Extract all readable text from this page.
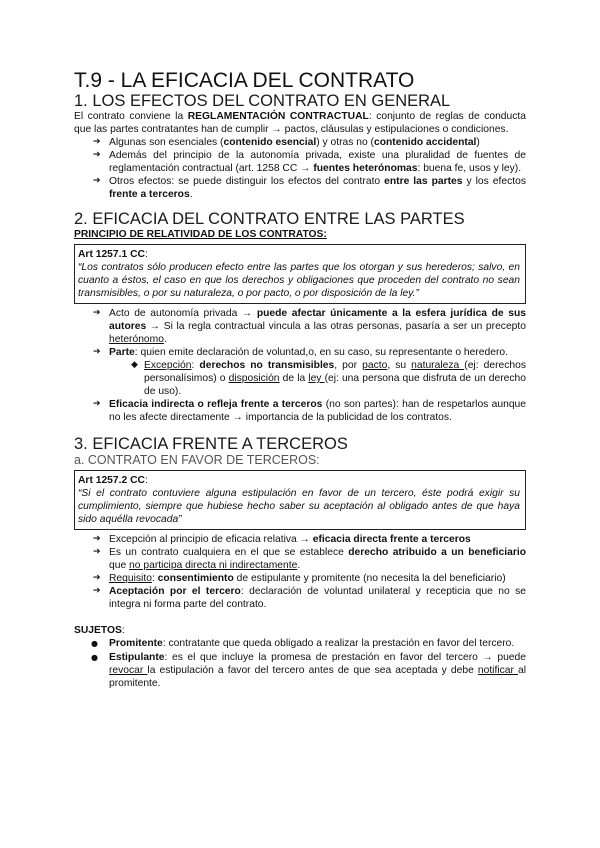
T.9 - LA EFICACIA DEL CONTRATO
1. LOS EFECTOS DEL CONTRATO EN GENERAL

El contrato conviene la REGLAMENTACIÓN CONTRACTUAL: conjunto de reglas de conducta que las partes contratantes han de cumplir → pactos, cláusulas y estipulaciones o condiciones.

➔ Algunas son esenciales (contenido esencial) y otras no (contenido accidental)
➔ Además del principio de la autonomía privada, existe una pluralidad de fuentes de reglamentación contractual (art. 1258 CC → fuentes heterónomas: buena fe, usos y ley).
➔ Otros efectos: se puede distinguir los efectos del contrato entre las partes y los efectos frente a terceros.
2. EFICACIA DEL CONTRATO ENTRE LAS PARTES

PRINCIPIO DE RELATIVIDAD DE LOS CONTRATOS:

Art 1257.1 CC:
“Los contratos sólo producen efecto entre las partes que los otorgan y sus herederos; salvo, en cuanto a éstos, el caso en que los derechos y obligaciones que proceden del contrato no sean transmisibles, o por su naturaleza, o por pacto, o por disposición de la ley.”
➔ Acto de autonomía privada → puede afectar únicamente a la esfera jurídica de sus autores → Si la regla contractual vincula a las otras personas, pasaría a ser un precepto heterónomo.
➔ Parte: quien emite declaración de voluntad,o, en su caso, su representante o heredero.
◆ Excepción: derechos no transmisibles, por pacto, su naturaleza (ej: derechos personalísimos) o disposición de la ley (ej: una persona que disfruta de un derecho de uso).
➔ Eficacia indirecta o refleja frente a terceros (no son partes): han de respetarlos aunque no les afecte directamente → importancia de la publicidad de los contratos.
3. EFICACIA FRENTE A TERCEROS
a. CONTRATO EN FAVOR DE TERCEROS:
Art 1257.2 CC:
“Si el contrato contuviere alguna estipulación en favor de un tercero, éste podrá exigir su cumplimiento, siempre que hubiese hecho saber su aceptación al obligado antes de que haya sido aquélla revocada”
➔ Excepción al principio de eficacia relativa → eficacia directa frente a terceros
➔ Es un contrato cualquiera en el que se establece derecho atribuido a un beneficiario que no participa directa ni indirectamente.
➔ Requisito: consentimiento de estipulante y promitente (no necesita la del beneficiario)
➔ Aceptación por el tercero: declaración de voluntad unilateral y recepticia que no se integra ni forma parte del contrato.

SUJETOS:

● Promitente: contratante que queda obligado a realizar la prestación en favor del tercero.
● Estipulante: es el que incluye la promesa de prestación en favor del tercero → puede revocar la estipulación a favor del tercero antes de que sea aceptada y debe notificar al promitente.
